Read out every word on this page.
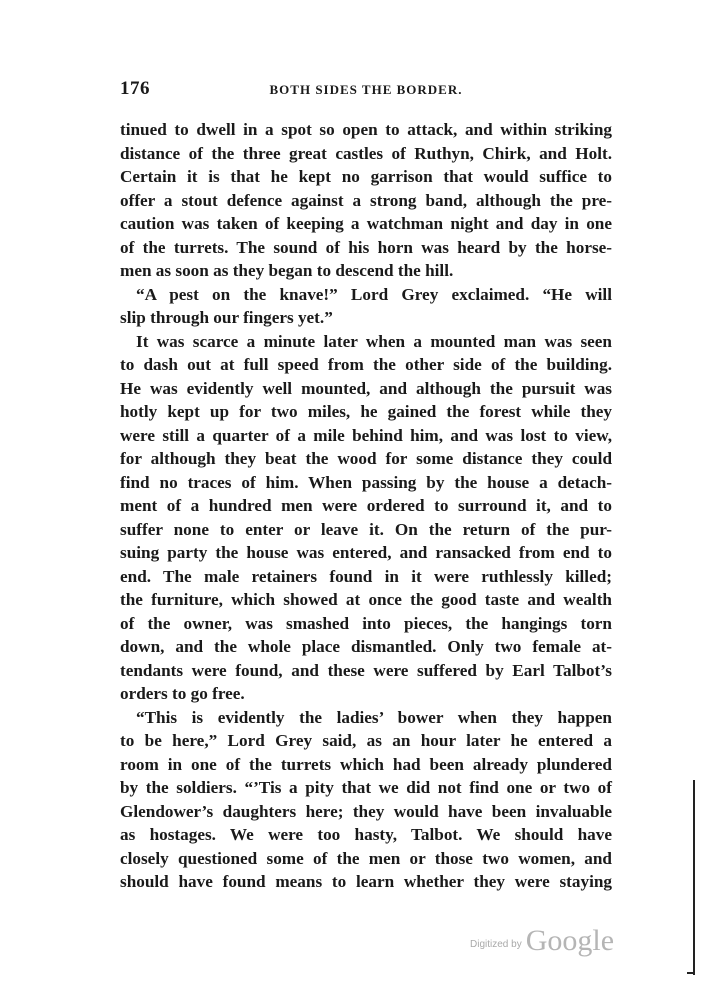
176	BOTH SIDES THE BORDER.
tinued to dwell in a spot so open to attack, and within striking
distance of the three great castles of Ruthyn, Chirk, and Holt.
Certain it is that he kept no garrison that would suffice to
offer a stout defence against a strong band, although the pre-
caution was taken of keeping a watchman night and day in one
of the turrets. The sound of his horn was heard by the horse-
men as soon as they began to descend the hill.
“A pest on the knave!” Lord Grey exclaimed. “He will
slip through our fingers yet.”
It was scarce a minute later when a mounted man was seen
to dash out at full speed from the other side of the building.
He was evidently well mounted, and although the pursuit was
hotly kept up for two miles, he gained the forest while they
were still a quarter of a mile behind him, and was lost to view,
for although they beat the wood for some distance they could
find no traces of him. When passing by the house a detach-
ment of a hundred men were ordered to surround it, and to
suffer none to enter or leave it. On the return of the pur-
suing party the house was entered, and ransacked from end to
end. The male retainers found in it were ruthlessly killed;
the furniture, which showed at once the good taste and wealth
of the owner, was smashed into pieces, the hangings torn
down, and the whole place dismantled. Only two female at-
tendants were found, and these were suffered by Earl Talbot’s
orders to go free.
“This is evidently the ladies’ bower when they happen
to be here,” Lord Grey said, as an hour later he entered a
room in one of the turrets which had been already plundered
by the soldiers. “’Tis a pity that we did not find one or two of
Glendower’s daughters here; they would have been invaluable
as hostages. We were too hasty, Talbot. We should have
closely questioned some of the men or those two women, and
should have found means to learn whether they were staying
Digitized by Google
